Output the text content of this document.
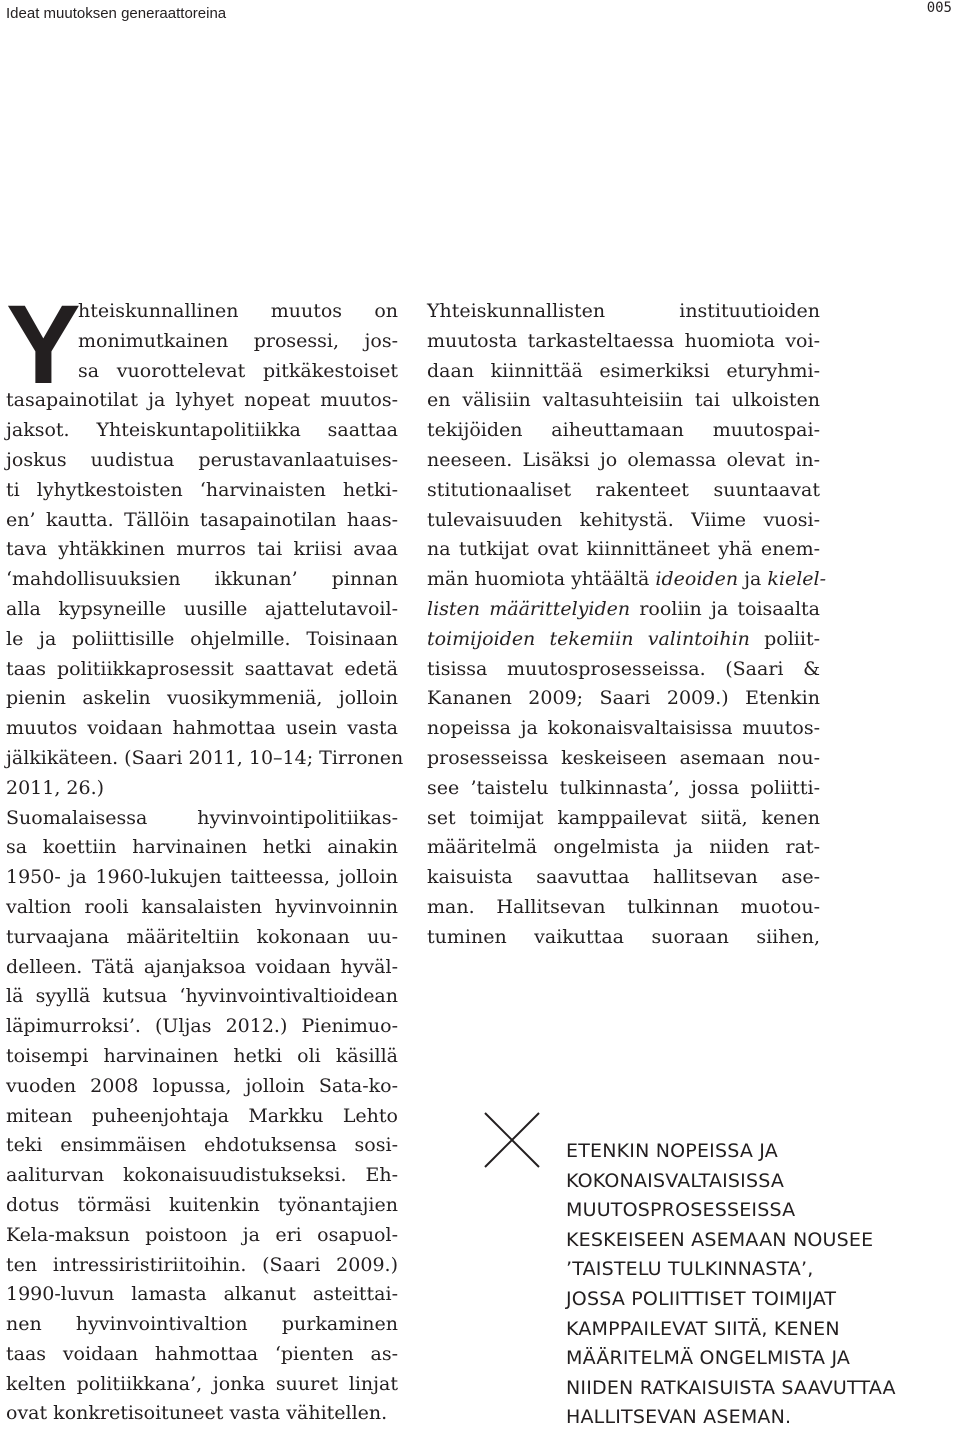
Ideat muutoksen generaattoreina	005
Y
hteiskunnallinen muutos on
monimutkainen prosessi, jos-
sa vuorottelevat pitkäkestoiset
tasapainotilat ja lyhyet nopeat muutos-
jaksot. Yhteiskuntapolitiikka saattaa
joskus uudistua perustavanlaatuises-
ti lyhytkestoisten ‘harvinaisten hetki-
en’ kautta. Tällöin tasapainotilan haas-
tava yhtäkkinen murros tai kriisi avaa
‘mahdollisuuksien ikkunan’ pinnan
alla kypsyneille uusille ajattelutavoil-
le ja poliittisille ohjelmille. Toisinaan
taas politiikkaprosessit saattavat edetä
pienin askelin vuosikymmeniä, jolloin
muutos voidaan hahmottaa usein vasta
jälkikäteen. (Saari 2011, 10–14; Tirronen
2011, 26.)
Suomalaisessa hyvinvointipolitiikas-
sa koettiin harvinainen hetki ainakin
1950- ja 1960-lukujen taitteessa, jolloin
valtion rooli kansalaisten hyvinvoinnin
turvaajana määriteltiin kokonaan uu-
delleen. Tätä ajanjaksoa voidaan hyväl-
lä syyllä kutsua ‘hyvinvointivaltioidean
läpimurroksi’. (Uljas 2012.) Pienimuo-
toisempi harvinainen hetki oli käsillä
vuoden 2008 lopussa, jolloin Sata-ko-
mitean puheenjohtaja Markku Lehto
teki ensimmäisen ehdotuksensa sosi-
aaliturvan kokonaisuudistukseksi. Eh-
dotus törmäsi kuitenkin työnantajien
Kela-maksun poistoon ja eri osapuol-
ten intressiristiriitoihin. (Saari 2009.)
1990-luvun lamasta alkanut asteittai-
nen hyvinvointivaltion purkaminen
taas voidaan hahmottaa ‘pienten as-
kelten politiikkana’, jonka suuret linjat
ovat konkretisoituneet vasta vähitellen.
Yhteiskunnallisten instituutioiden
muutosta tarkasteltaessa huomiota voi-
daan kiinnittää esimerkiksi eturyhmi-
en välisiin valtasuhteisiin tai ulkoisten
tekijöiden aiheuttamaan muutospai-
neeseen. Lisäksi jo olemassa olevat in-
stitutionaaliset rakenteet suuntaavat
tulevaisuuden kehitystä. Viime vuosi-
na tutkijat ovat kiinnittäneet yhä enem-
män huomiota yhtäältä ideoiden ja kielel-
listen määrittelyiden rooliin ja toisaalta
toimijoiden tekemiin valintoihin poliit-
tisissa muutosprosesseissa. (Saari &
Kananen 2009; Saari 2009.) Etenkin
nopeissa ja kokonaisvaltaisissa muutos-
prosesseissa keskeiseen asemaan nou-
see ’taistelu tulkinnasta’, jossa poliitti-
set toimijat kamppailevat siitä, kenen
määritelmä ongelmista ja niiden rat-
kaisuista saavuttaa hallitsevan ase-
man. Hallitsevan tulkinnan muotou-
tuminen vaikuttaa suoraan siihen,
ETENKIN NOPEISSA JA
KOKONAISVALTAISISSA
MUUTOSPROSESSEISSA
KESKEISEEN ASEMAAN NOUSEE
’TAISTELU TULKINNASTA’,
JOSSA POLIITTISET TOIMIJAT
KAMPPAILEVAT SIITÄ, KENEN
MÄÄRITELMÄ ONGELMISTA JA
NIIDEN RATKAISUISTA SAAVUTTAA
HALLITSEVAN ASEMAN.
